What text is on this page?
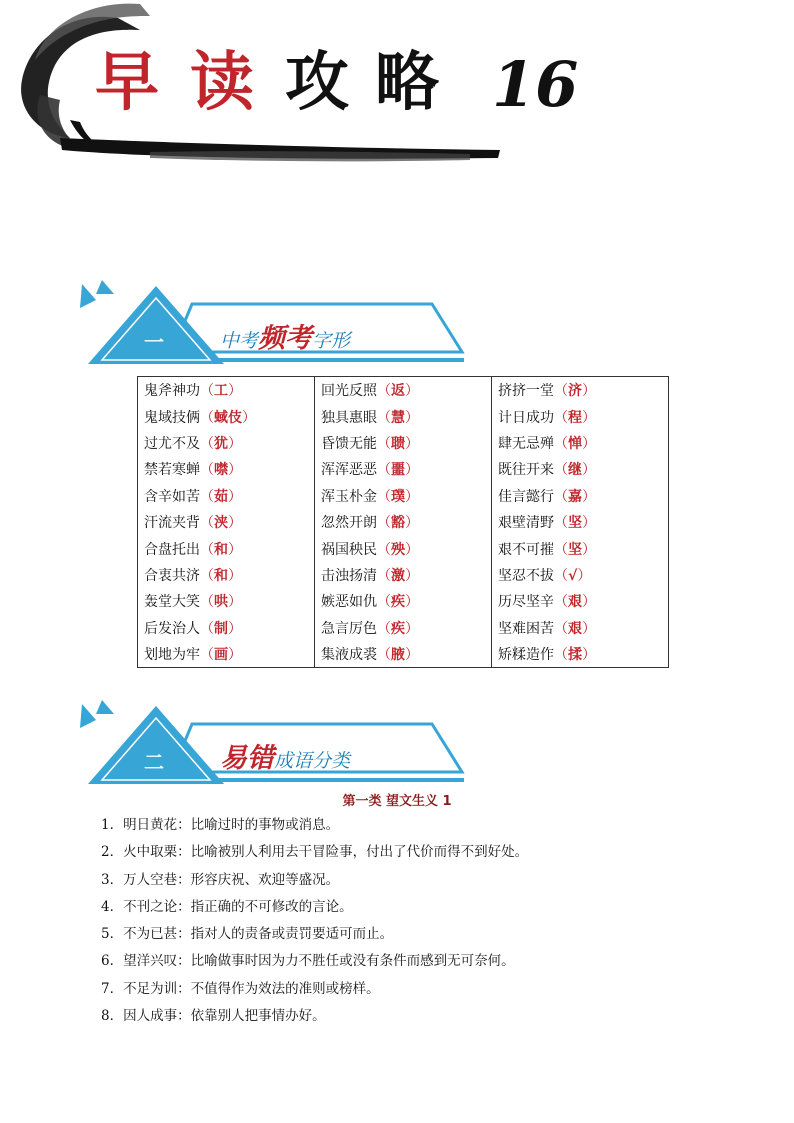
早 读 攻 略 16
一	中考频考字形
鬼斧神功（工）	回光反照（返）	挤挤一堂（济）
鬼域技俩（蜮伎）	独具惠眼（慧）	计日成功（程）
过尤不及（犹）	昏馈无能（聩）	肆无忌殚（惮）
禁若寒蝉（噤）	浑浑恶恶（噩）	既往开来（继）
含辛如苦（茹）	浑玉朴金（璞）	佳言懿行（嘉）
汗流夹背（浃）	忽然开朗（豁）	艰壁清野（坚）
合盘托出（和）	祸国秧民（殃）	艰不可摧（坚）
合衷共济（和）	击浊扬清（激）	坚忍不拔（√）
轰堂大笑（哄）	嫉恶如仇（疾）	历尽坚辛（艰）
后发治人（制）	急言厉色（疾）	坚难困苦（艰）
划地为牢（画）	集液成裘（腋）	矫糅造作（揉）
二	易错成语分类
第一类 望文生义 1
1．明日黄花：比喻过时的事物或消息。
2．火中取栗：比喻被别人利用去干冒险事，付出了代价而得不到好处。
3．万人空巷：形容庆祝、欢迎等盛况。
4．不刊之论：指正确的不可修改的言论。
5．不为已甚：指对人的责备或责罚要适可而止。
6．望洋兴叹：比喻做事时因为力不胜任或没有条件而感到无可奈何。
7．不足为训：不值得作为效法的准则或榜样。
8．因人成事：依靠别人把事情办好。
